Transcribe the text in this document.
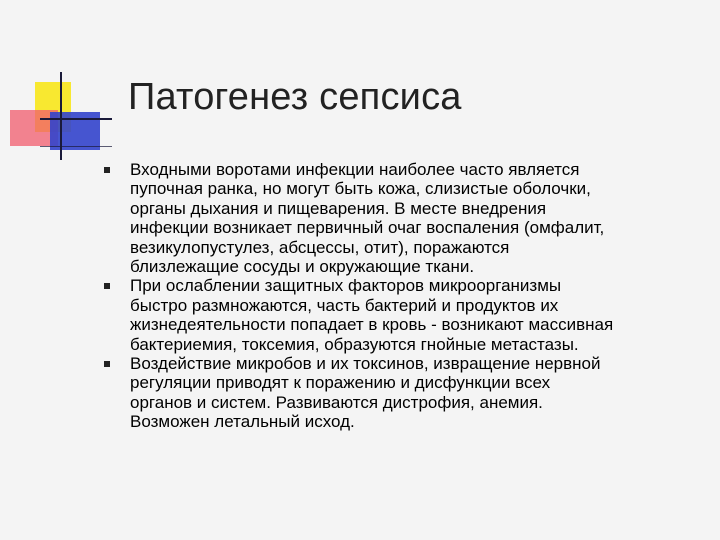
Патогенез сепсиса
Входными воротами инфекции наиболее часто является
пупочная ранка, но могут быть кожа, слизистые оболочки,
органы дыхания и пищеварения. В месте внедрения
инфекции возникает первичный очаг воспаления (омфалит,
везикулопустулез, абсцессы, отит), поражаются
близлежащие сосуды и окружающие ткани.
При ослаблении защитных факторов микроорганизмы
быстро размножаются, часть бактерий и продуктов их
жизнедеятельности попадает в кровь - возникают массивная
бактериемия, токсемия, образуются гнойные метастазы.
Воздействие микробов и их токсинов, извращение нервной
регуляции приводят к поражению и дисфункции всех
органов и систем. Развиваются дистрофия, анемия.
Возможен летальный исход.
